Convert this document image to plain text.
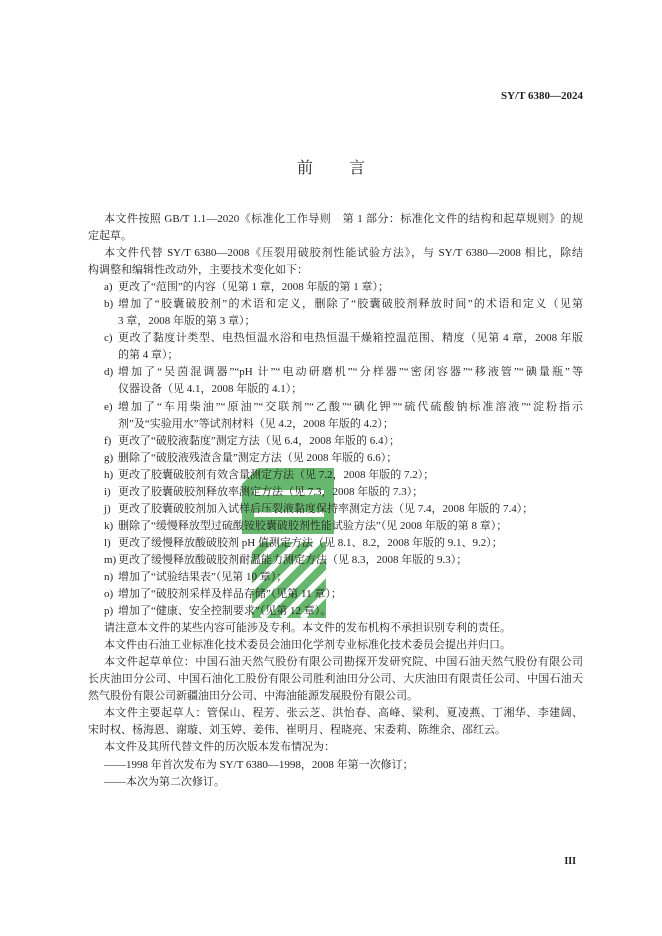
SY/T 6380—2024
前　言
本文件按照 GB/T 1.1—2020《标准化工作导则　第 1 部分：标准化文件的结构和起草规则》的规
定起草。
本文件代替 SY/T 6380—2008《压裂用破胶剂性能试验方法》，与 SY/T 6380—2008 相比，除结
构调整和编辑性改动外，主要技术变化如下：
a) 更改了“范围”的内容（见第 1 章，2008 年版的第 1 章）；
b) 增加了“胶囊破胶剂”的术语和定义，删除了“胶囊破胶剂释放时间”的术语和定义（见第
3 章，2008 年版的第 3 章）；
c) 更改了黏度计类型、电热恒温水浴和电热恒温干燥箱控温范围、精度（见第 4 章，2008 年版
的第 4 章）；
d) 增加了“吴茵混调器”“pH 计”“电动研磨机”“分样器”“密闭容器”“移液管”“碘量瓶”等
仪器设备（见 4.1，2008 年版的 4.1）；
e) 增加了“车用柴油”“原油”“交联剂”“乙酸”“碘化钾”“硫代硫酸钠标准溶液”“淀粉指示
剂”及“实验用水”等试剂材料（见 4.2，2008 年版的 4.2）；
f) 更改了“破胶液黏度”测定方法（见 6.4，2008 年版的 6.4）；
g) 删除了“破胶液残渣含量”测定方法（见 2008 年版的 6.6）；
h) 更改了胶囊破胶剂有效含量测定方法（见 7.2，2008 年版的 7.2）；
i) 更改了胶囊破胶剂释放率测定方法（见 7.3，2008 年版的 7.3）；
j) 更改了胶囊破胶剂加入试样后压裂液黏度保持率测定方法（见 7.4，2008 年版的 7.4）；
k) 删除了“缓慢释放型过硫酸铵胶囊破胶剂性能试验方法”（见 2008 年版的第 8 章）；
l) 更改了缓慢释放酸破胶剂 pH 值测定方法（见 8.1、8.2，2008 年版的 9.1、9.2）；
m) 更改了缓慢释放酸破胶剂耐温能力测定方法（见 8.3，2008 年版的 9.3）；
n) 增加了“试验结果表”（见第 10 章）；
o) 增加了“破胶剂采样及样品存储”（见第 11 章）；
p) 增加了“健康、安全控制要求”（见第 12 章）。
请注意本文件的某些内容可能涉及专利。本文件的发布机构不承担识别专利的责任。
本文件由石油工业标准化技术委员会油田化学剂专业标准化技术委员会提出并归口。
本文件起草单位：中国石油天然气股份有限公司勘探开发研究院、中国石油天然气股份有限公司
长庆油田分公司、中国石油化工股份有限公司胜利油田分公司、大庆油田有限责任公司、中国石油天
然气股份有限公司新疆油田分公司、中海油能源发展股份有限公司。
本文件主要起草人：管保山、程芳、张云芝、洪怡春、高峰、梁利、夏凌燕、丁湘华、李建阔、
宋时权、杨海恩、谢璇、刘玉婷、姜伟、崔明月、程晓亮、宋委莉、陈维余、邵红云。
本文件及其所代替文件的历次版本发布情况为：
——1998 年首次发布为 SY/T 6380—1998，2008 年第一次修订；
——本次为第二次修订。
III
